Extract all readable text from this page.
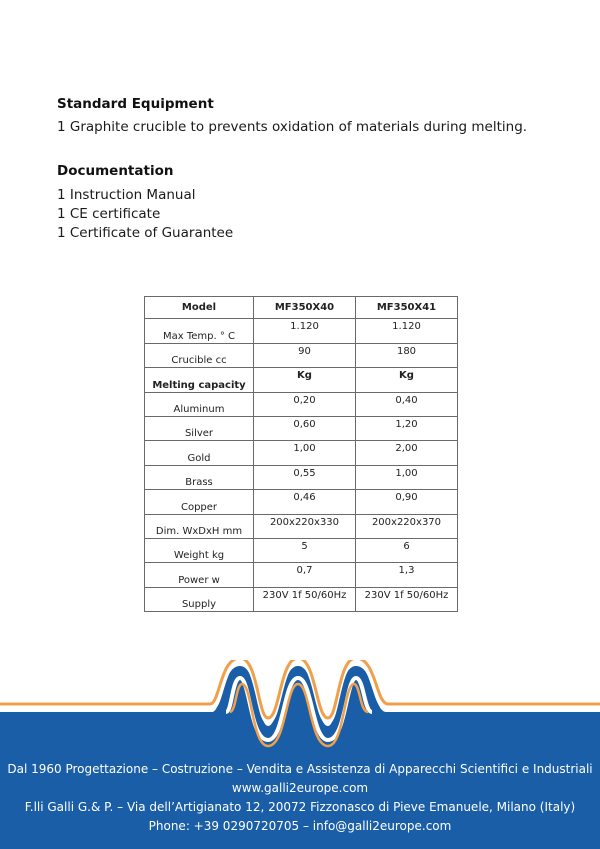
Standard Equipment

1 Graphite crucible to prevents oxidation of materials during melting.

Documentation

1 Instruction Manual

1 CE certificate

1 Certificate of Guarantee

Model	MF350X40	MF350X41
Max Temp. ° C	1.120	1.120
Crucible cc	90	180
Melting capacity	Kg	Kg
Aluminum	0,20	0,40
Silver	0,60	1,20
Gold	1,00	2,00
Brass	0,55	1,00
Copper	0,46	0,90
Dim. WxDxH mm	200x220x330	200x220x370
Weight kg	5	6
Power w	0,7	1,3
Supply	230V 1f 50/60Hz	230V 1f 50/60Hz
Dal 1960 Progettazione – Costruzione – Vendita e Assistenza di Apparecchi Scientifici e Industriali
www.galli2europe.com
F.lli Galli G.& P. – Via dell’Artigianato 12, 20072 Fizzonasco di Pieve Emanuele, Milano (Italy)
Phone: +39 0290720705 – info@galli2europe.com
